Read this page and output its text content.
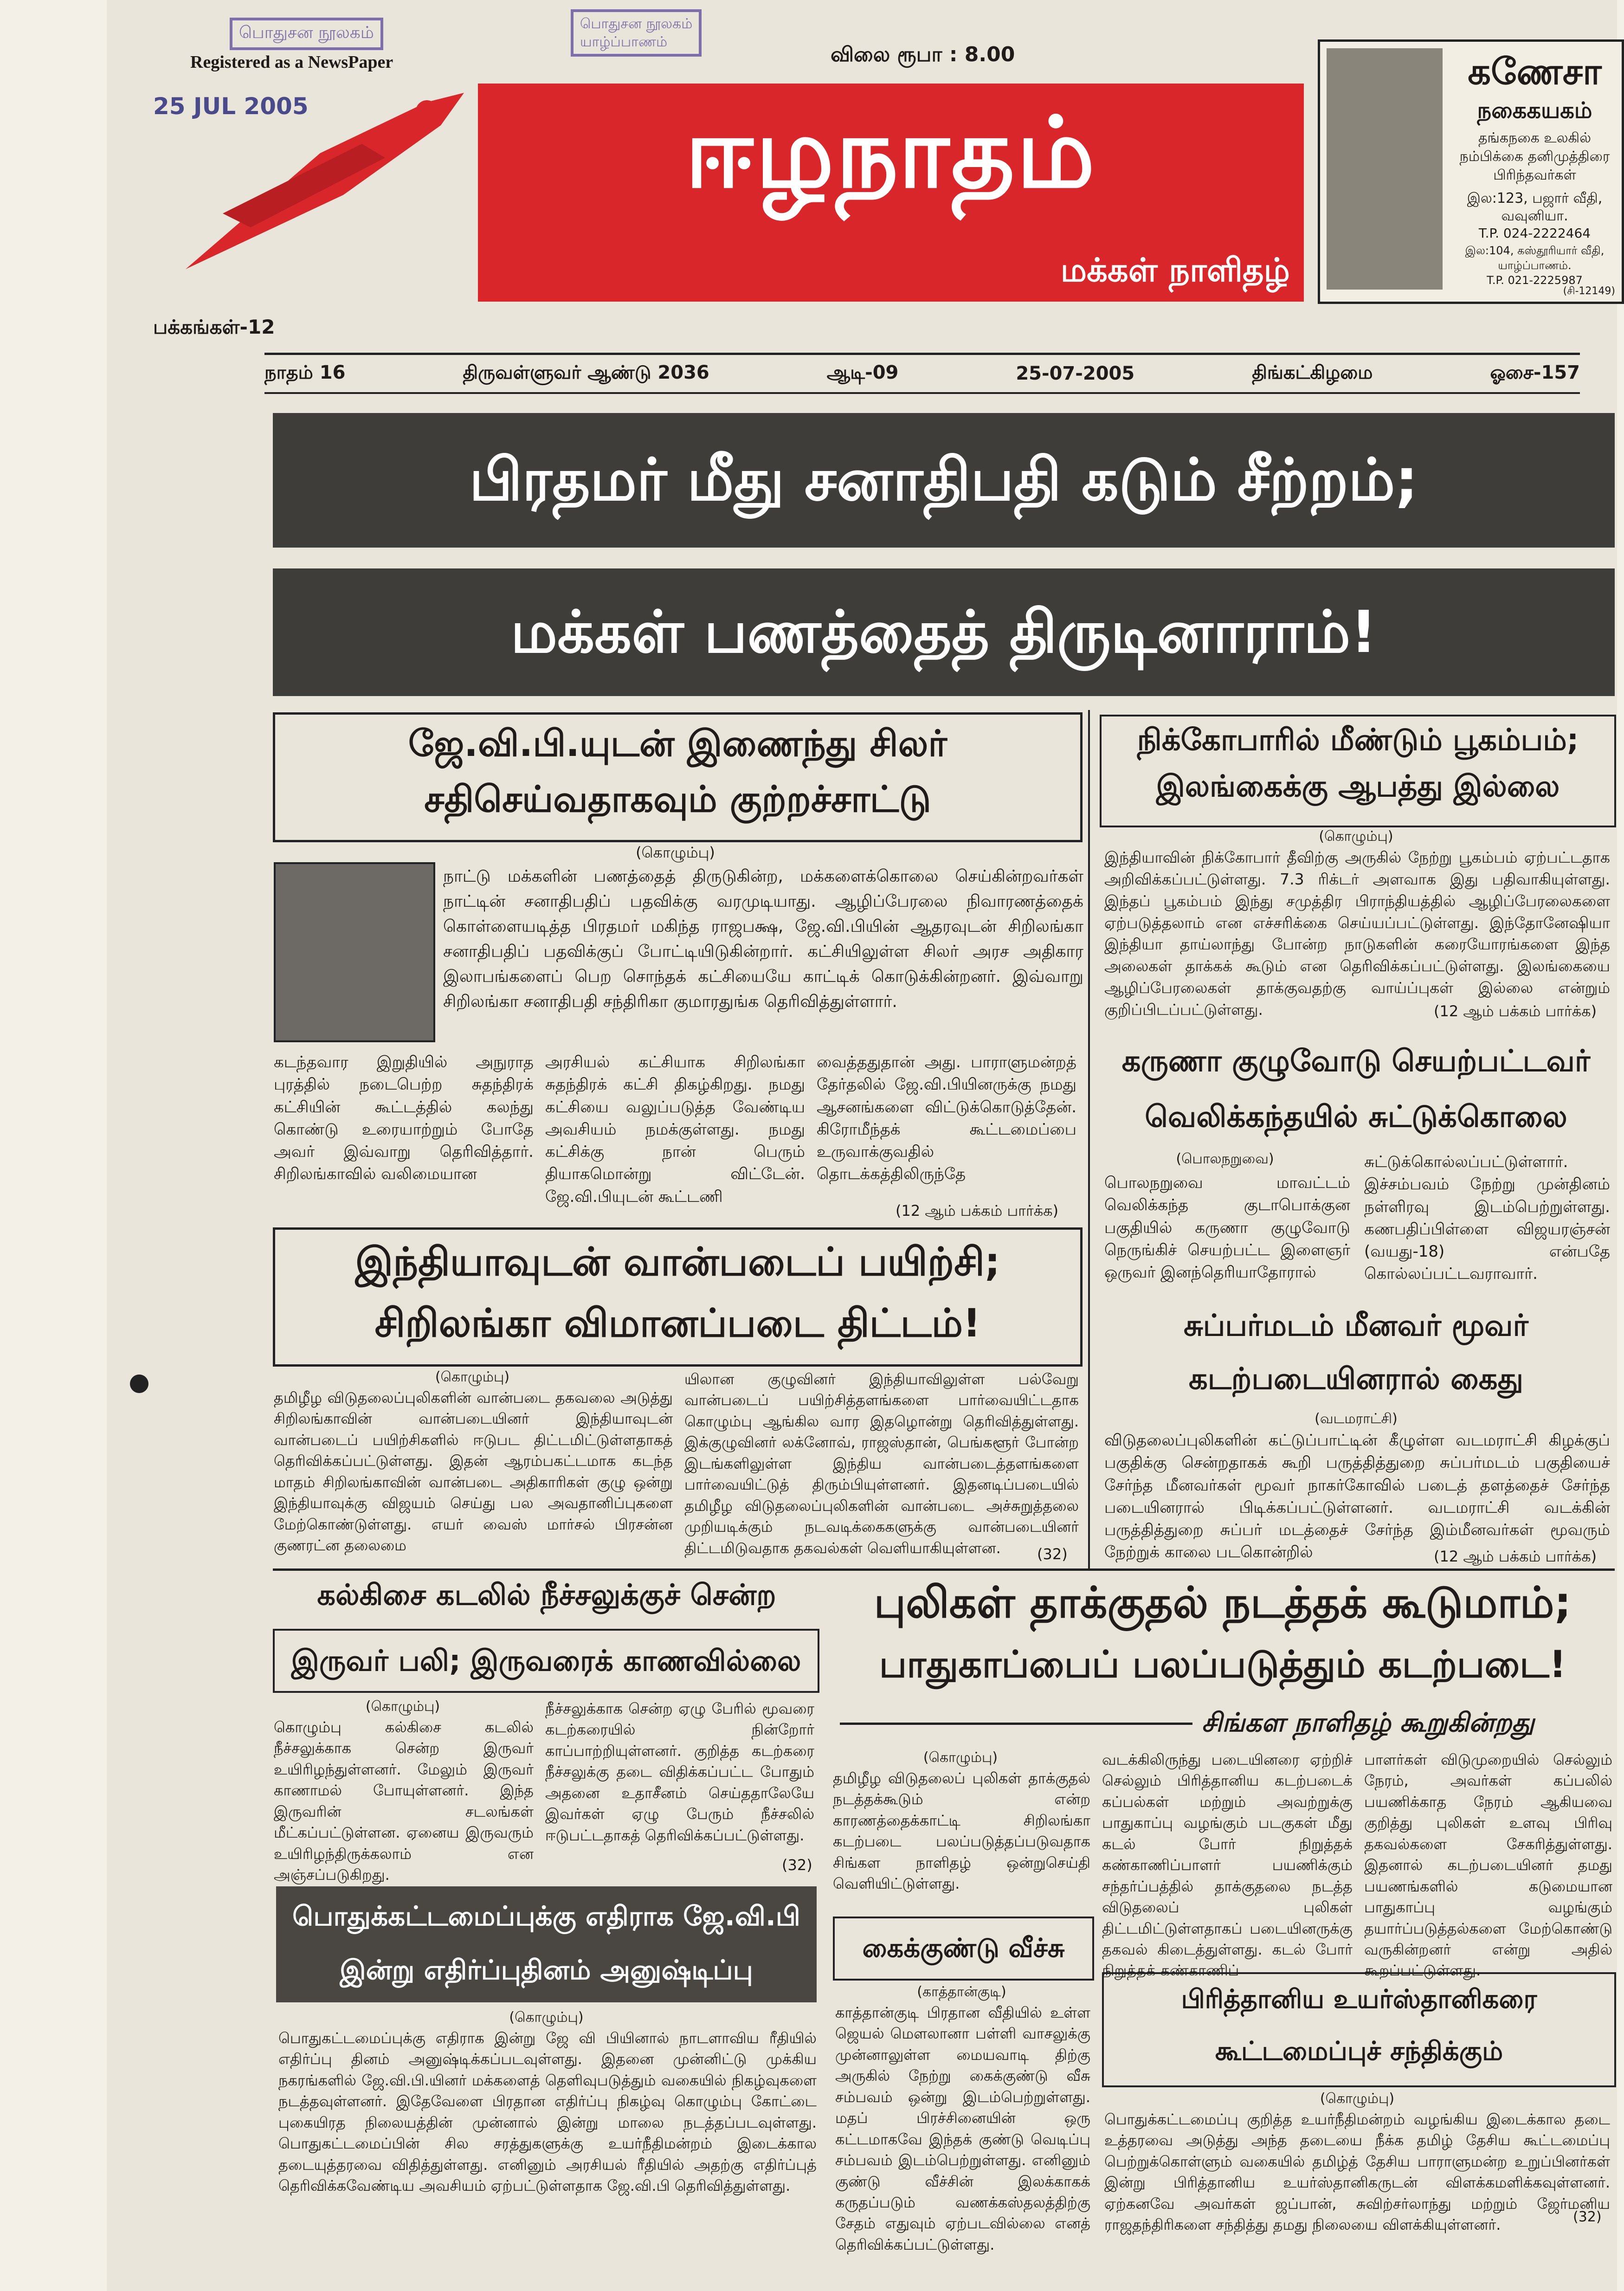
பொதுசன நூலகம்	பொதுசன நூலகம்
யாழ்ப்பாணம்
Registered as a NewsPaper
25 JUL 2005
விலை ரூபா : 8.00
ஈழநாதம்
மக்கள் நாளிதழ்
பக்கங்கள்-12
கணேசா
நகைகயகம்
தங்கநகை உலகில்
நம்பிக்கை தனிமுத்திரை
பிரிந்தவர்கள்
இல:123, பஜார் வீதி,
வவுனியா.
T.P. 024-2222464
இல:104, கஸ்தூரியார் வீதி,
யாழ்ப்பாணம்.
T.P. 021-2225987
(சி-12149)
நாதம் 16	திருவள்ளுவர் ஆண்டு 2036	ஆடி-09	25-07-2005	திங்கட்கிழமை	ஓசை-157
பிரதமர் மீது சனாதிபதி கடும் சீற்றம்;
மக்கள் பணத்தைத் திருடினாராம்!
ஜே.வி.பி.யுடன் இணைந்து சிலர்
சதிசெய்வதாகவும் குற்றச்சாட்டு
(கொழும்பு)
நாட்டு மக்களின் பணத்தைத் திருடுகின்ற, மக்களைக்கொலை செய்கின்றவர்கள் நாட்டின் சனாதிபதிப் பதவிக்கு வரமுடியாது. ஆழிப்பேரலை நிவாரணத்தைக் கொள்ளையடித்த பிரதமர் மகிந்த ராஜபக்ஷ, ஜே.வி.பியின் ஆதரவுடன் சிறிலங்கா சனாதிபதிப் பதவிக்குப் போட்டியிடுகின்றார். கட்சியிலுள்ள சிலர் அரச அதிகார இலாபங்களைப் பெற சொந்தக் கட்சியையே காட்டிக் கொடுக்கின்றனர். இவ்வாறு சிறிலங்கா சனாதிபதி சந்திரிகா குமாரதுங்க தெரிவித்துள்ளார்.
கடந்தவார இறுதியில் அநுராத புரத்தில் நடைபெற்ற சுதந்திரக் கட்சியின் கூட்டத்தில் கலந்து கொண்டு உரையாற்றும் போதே அவர் இவ்வாறு தெரிவித்தார். சிறிலங்காவில் வலிமையான
அரசியல் கட்சியாக சிறிலங்கா சுதந்திரக் கட்சி திகழ்கிறது. நமது கட்சியை வலுப்படுத்த வேண்டிய அவசியம் நமக்குள்ளது. நமது கட்சிக்கு நான் பெரும் தியாகமொன்று விட்டேன். ஜே.வி.பியுடன் கூட்டணி
வைத்ததுதான் அது. பாராளுமன்றத் தேர்தலில் ஜே.வி.பியினருக்கு நமது ஆசனங்களை விட்டுக்கொடுத்தேன். கிரோமீந்தக் கூட்டமைப்பை உருவாக்குவதில் தொடக்கத்திலிருந்தே
(12 ஆம் பக்கம் பார்க்க)
நிக்கோபாரில் மீண்டும் பூகம்பம்;
இலங்கைக்கு ஆபத்து இல்லை
(கொழும்பு)
இந்தியாவின் நிக்கோபார் தீவிற்கு அருகில் நேற்று பூகம்பம் ஏற்பட்டதாக அறிவிக்கப்பட்டுள்ளது. 7.3 ரிக்டர் அளவாக இது பதிவாகியுள்ளது. இந்தப் பூகம்பம் இந்து சமுத்திர பிராந்தியத்தில் ஆழிப்பேரலைகளை ஏற்படுத்தலாம் என எச்சரிக்கை செய்யப்பட்டுள்ளது. இந்தோனேஷியா இந்தியா தாய்லாந்து போன்ற நாடுகளின் கரையோரங்களை இந்த அலைகள் தாக்கக் கூடும் என தெரிவிக்கப்பட்டுள்ளது. இலங்கையை ஆழிப்பேரலைகள் தாக்குவதற்கு வாய்ப்புகள் இல்லை என்றும் குறிப்பிடப்பட்டுள்ளது.	(12 ஆம் பக்கம் பார்க்க)
கருணா குழுவோடு செயற்பட்டவர்
வெலிக்கந்தயில் சுட்டுக்கொலை
(பொலநறுவை)
பொலநறுவை மாவட்டம் வெலிக்கந்த குடாபொக்குன பகுதியில் கருணா குழுவோடு நெருங்கிச் செயற்பட்ட இளைஞர் ஒருவர் இனந்தெரியாதோரால்
சுட்டுக்கொல்லப்பட்டுள்ளார். இச்சம்பவம் நேற்று முன்தினம் நள்ளிரவு இடம்பெற்றுள்ளது. கணபதிப்பிள்ளை விஜயரஞ்சன் (வயது-18) என்பதே கொல்லப்பட்டவராவார்.
சுப்பர்மடம் மீனவர் மூவர்
கடற்படையினரால் கைது
(வடமராட்சி)
விடுதலைப்புலிகளின் கட்டுப்பாட்டின் கீழுள்ள வடமராட்சி கிழக்குப் பகுதிக்கு சென்றதாகக் கூறி பருத்தித்துறை சுப்பர்மடம் பகுதியைச் சேர்ந்த மீனவர்கள் மூவர் நாகர்கோவில் படைத் தளத்தைச் சேர்ந்த படையினரால் பிடிக்கப்பட்டுள்ளனர். வடமராட்சி வடக்கின் பருத்தித்துறை சுப்பர் மடத்தைச் சேர்ந்த இம்மீனவர்கள் மூவரும் நேற்றுக் காலை படகொன்றில்	(12 ஆம் பக்கம் பார்க்க)
இந்தியாவுடன் வான்படைப் பயிற்சி;
சிறிலங்கா விமானப்படை திட்டம்!
(கொழும்பு)
தமிழீழ விடுதலைப்புலிகளின் வான்படை தகவலை அடுத்து சிறிலங்காவின் வான்படையினர் இந்தியாவுடன் வான்படைப் பயிற்சிகளில் ஈடுபட திட்டமிட்டுள்ளதாகத் தெரிவிக்கப்பட்டுள்ளது. இதன் ஆரம்பகட்டமாக கடந்த மாதம் சிறிலங்காவின் வான்படை அதிகாரிகள் குழு ஒன்று இந்தியாவுக்கு விஜயம் செய்து பல அவதானிப்புகளை மேற்கொண்டுள்ளது. எயர் வைஸ் மார்சல் பிரசன்ன குணரட்ன தலைமை
யிலான குழுவினர் இந்தியாவிலுள்ள பல்வேறு வான்படைப் பயிற்சித்தளங்களை பார்வையிட்டதாக கொழும்பு ஆங்கில வார இதழொன்று தெரிவித்துள்ளது. இக்குழுவினர் லக்னோவ், ராஜஸ்தான், பெங்களூர் போன்ற இடங்களிலுள்ள இந்திய வான்படைத்தளங்களை பார்வையிட்டுத் திரும்பியுள்ளனர். இதனடிப்படையில் தமிழீழ விடுதலைப்புலிகளின் வான்படை அச்சுறுத்தலை முறியடிக்கும் நடவடிக்கைகளுக்கு வான்படையினர் திட்டமிடுவதாக தகவல்கள் வெளியாகியுள்ளன.	(32)
கல்கிசை கடலில் நீச்சலுக்குச் சென்ற
இருவர் பலி; இருவரைக் காணவில்லை
(கொழும்பு)
கொழும்பு கல்கிசை கடலில் நீச்சலுக்காக சென்ற இருவர் உயிரிழந்துள்ளனர். மேலும் இருவர் காணாமல் போயுள்ளனர். இந்த இருவரின் சடலங்கள் மீட்கப்பட்டுள்ளன. ஏனைய இருவரும் உயிரிழந்திருக்கலாம் என அஞ்சப்படுகிறது.
நீச்சலுக்காக சென்ற ஏழு பேரில் மூவரை கடற்கரையில் நின்றோர் காப்பாற்றியுள்ளனர். குறித்த கடற்கரை நீச்சலுக்கு தடை விதிக்கப்பட்ட போதும் அதனை உதாசீனம் செய்ததாலேயே இவர்கள் ஏழு பேரும் நீச்சலில் ஈடுபட்டதாகத் தெரிவிக்கப்பட்டுள்ளது.
(32)
பொதுக்கட்டமைப்புக்கு எதிராக ஜே.வி.பி
இன்று எதிர்ப்புதினம் அனுஷ்டிப்பு
(கொழும்பு)
பொதுகட்டமைப்புக்கு எதிராக இன்று ஜே வி பியினால் நாடளாவிய ரீதியில் எதிர்ப்பு தினம் அனுஷ்டிக்கப்படவுள்ளது. இதனை முன்னிட்டு முக்கிய நகரங்களில் ஜே.வி.பி.யினர் மக்களைத் தெளிவுபடுத்தும் வகையில் நிகழ்வுகளை நடத்தவுள்ளனர். இதேவேளை பிரதான எதிர்ப்பு நிகழ்வு கொழும்பு கோட்டை புகையிரத நிலையத்தின் முன்னால் இன்று மாலை நடத்தப்படவுள்ளது. பொதுகட்டமைப்பின் சில சரத்துகளுக்கு உயர்நீதிமன்றம் இடைக்கால தடையுத்தரவை விதித்துள்ளது. எனினும் அரசியல் ரீதியில் அதற்கு எதிர்ப்புத் தெரிவிக்கவேண்டிய அவசியம் ஏற்பட்டுள்ளதாக ஜே.வி.பி தெரிவித்துள்ளது.
புலிகள் தாக்குதல் நடத்தக் கூடுமாம்;
பாதுகாப்பைப் பலப்படுத்தும் கடற்படை!
சிங்கள நாளிதழ் கூறுகின்றது
(கொழும்பு)
தமிழீழ விடுதலைப் புலிகள் தாக்குதல் நடத்தக்கூடும் என்ற காரணத்தைக்காட்டி சிறிலங்கா கடற்படை பலப்படுத்தப்படுவதாக சிங்கள நாளிதழ் ஒன்றுசெய்தி வெளியிட்டுள்ளது.
வடக்கிலிருந்து படையினரை ஏற்றிச் செல்லும் பிரித்தானிய கடற்படைக் கப்பல்கள் மற்றும் அவற்றுக்கு பாதுகாப்பு வழங்கும் படகுகள் மீது கடல் போர் நிறுத்தக் கண்காணிப்பாளர் பயணிக்கும் சந்தர்ப்பத்தில் தாக்குதலை நடத்த விடுதலைப் புலிகள் திட்டமிட்டுள்ளதாகப் படையினருக்கு தகவல் கிடைத்துள்ளது. கடல் போர் நிறுத்தக் கண்காணிப்
பாளர்கள் விடுமுறையில் செல்லும் நேரம், அவர்கள் கப்பலில் பயணிக்காத நேரம் ஆகியவை குறித்து புலிகள் உளவு பிரிவு தகவல்களை சேகரித்துள்ளது. இதனால் கடற்படையினர் தமது பயணங்களில் கடுமையான பாதுகாப்பு வழங்கும் தயார்ப்படுத்தல்களை மேற்கொண்டு வருகின்றனர் என்று அதில் கூறப்பட்டுள்ளது.
கைக்குண்டு வீச்சு
(காத்தான்குடி)
காத்தான்குடி பிரதான வீதியில் உள்ள ஜெயல் மௌலானா பள்ளி வாசலுக்கு முன்னாலுள்ள மையவாடி திற்கு அருகில் நேற்று கைக்குண்டு வீசு சம்பவம் ஒன்று இடம்பெற்றுள்ளது. மதப் பிரச்சினையின் ஒரு கட்டமாகவே இந்தக் குண்டு வெடிப்பு சம்பவம் இடம்பெற்றுள்ளது. எனினும் குண்டு வீச்சின் இலக்காகக் கருதப்படும் வணக்கஸ்தலத்திற்கு சேதம் எதுவும் ஏற்படவில்லை எனத் தெரிவிக்கப்பட்டுள்ளது.
பிரித்தானிய உயர்ஸ்தானிகரை
கூட்டமைப்புச் சந்திக்கும்
(கொழும்பு)
பொதுக்கட்டமைப்பு குறித்த உயர்நீதிமன்றம் வழங்கிய இடைக்கால தடை உத்தரவை அடுத்து அந்த தடையை நீக்க தமிழ் தேசிய கூட்டமைப்பு பெற்றுக்கொள்ளும் வகையில் தமிழ்த் தேசிய பாராளுமன்ற உறுப்பினர்கள் இன்று பிரித்தானிய உயர்ஸ்தானிகருடன் விளக்கமளிக்கவுள்ளனர். ஏற்கனவே அவர்கள் ஜப்பான், சுவிற்சர்லாந்து மற்றும் ஜேர்மனிய ராஜதந்திரிகளை சந்தித்து தமது நிலையை விளக்கியுள்ளனர்.	(32)
